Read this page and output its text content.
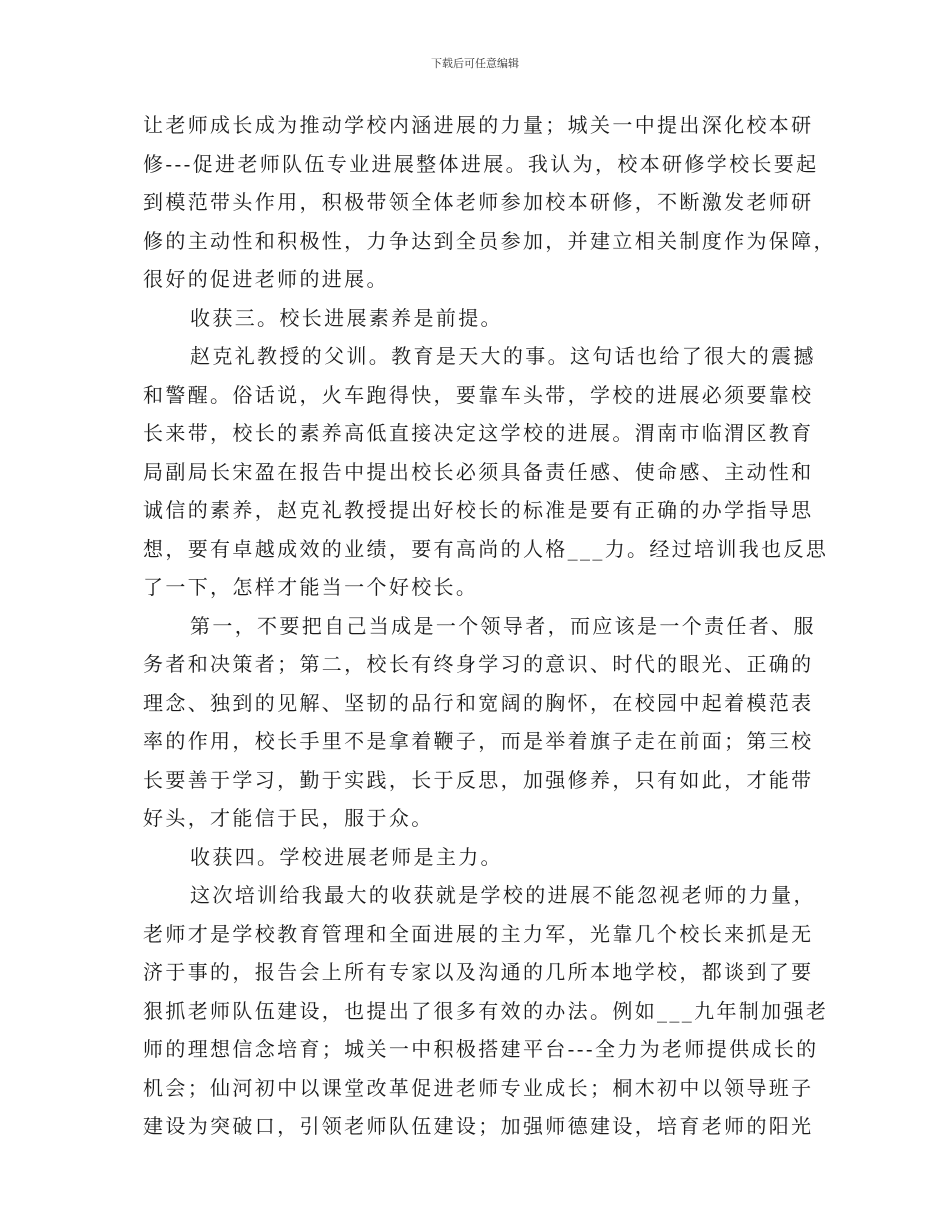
下载后可任意编辑
让老师成长成为推动学校内涵进展的力量；城关一中提出深化校本研
修---促进老师队伍专业进展整体进展。我认为，校本研修学校长要起
到模范带头作用，积极带领全体老师参加校本研修，不断激发老师研
修的主动性和积极性，力争达到全员参加，并建立相关制度作为保障，
很好的促进老师的进展。
收获三。校长进展素养是前提。
赵克礼教授的父训。教育是天大的事。这句话也给了很大的震撼
和警醒。俗话说，火车跑得快，要靠车头带，学校的进展必须要靠校
长来带，校长的素养高低直接决定这学校的进展。渭南市临渭区教育
局副局长宋盈在报告中提出校长必须具备责任感、使命感、主动性和
诚信的素养，赵克礼教授提出好校长的标准是要有正确的办学指导思
想，要有卓越成效的业绩，要有高尚的人格___力。经过培训我也反思
了一下，怎样才能当一个好校长。
第一，不要把自己当成是一个领导者，而应该是一个责任者、服
务者和决策者；第二，校长有终身学习的意识、时代的眼光、正确的
理念、独到的见解、坚韧的品行和宽阔的胸怀，在校园中起着模范表
率的作用，校长手里不是拿着鞭子，而是举着旗子走在前面；第三校
长要善于学习，勤于实践，长于反思，加强修养，只有如此，才能带
好头，才能信于民，服于众。
收获四。学校进展老师是主力。
这次培训给我最大的收获就是学校的进展不能忽视老师的力量，
老师才是学校教育管理和全面进展的主力军，光靠几个校长来抓是无
济于事的，报告会上所有专家以及沟通的几所本地学校，都谈到了要
狠抓老师队伍建设，也提出了很多有效的办法。例如___九年制加强老
师的理想信念培育；城关一中积极搭建平台---全力为老师提供成长的
机会；仙河初中以课堂改革促进老师专业成长；桐木初中以领导班子
建设为突破口，引领老师队伍建设；加强师德建设，培育老师的阳光
